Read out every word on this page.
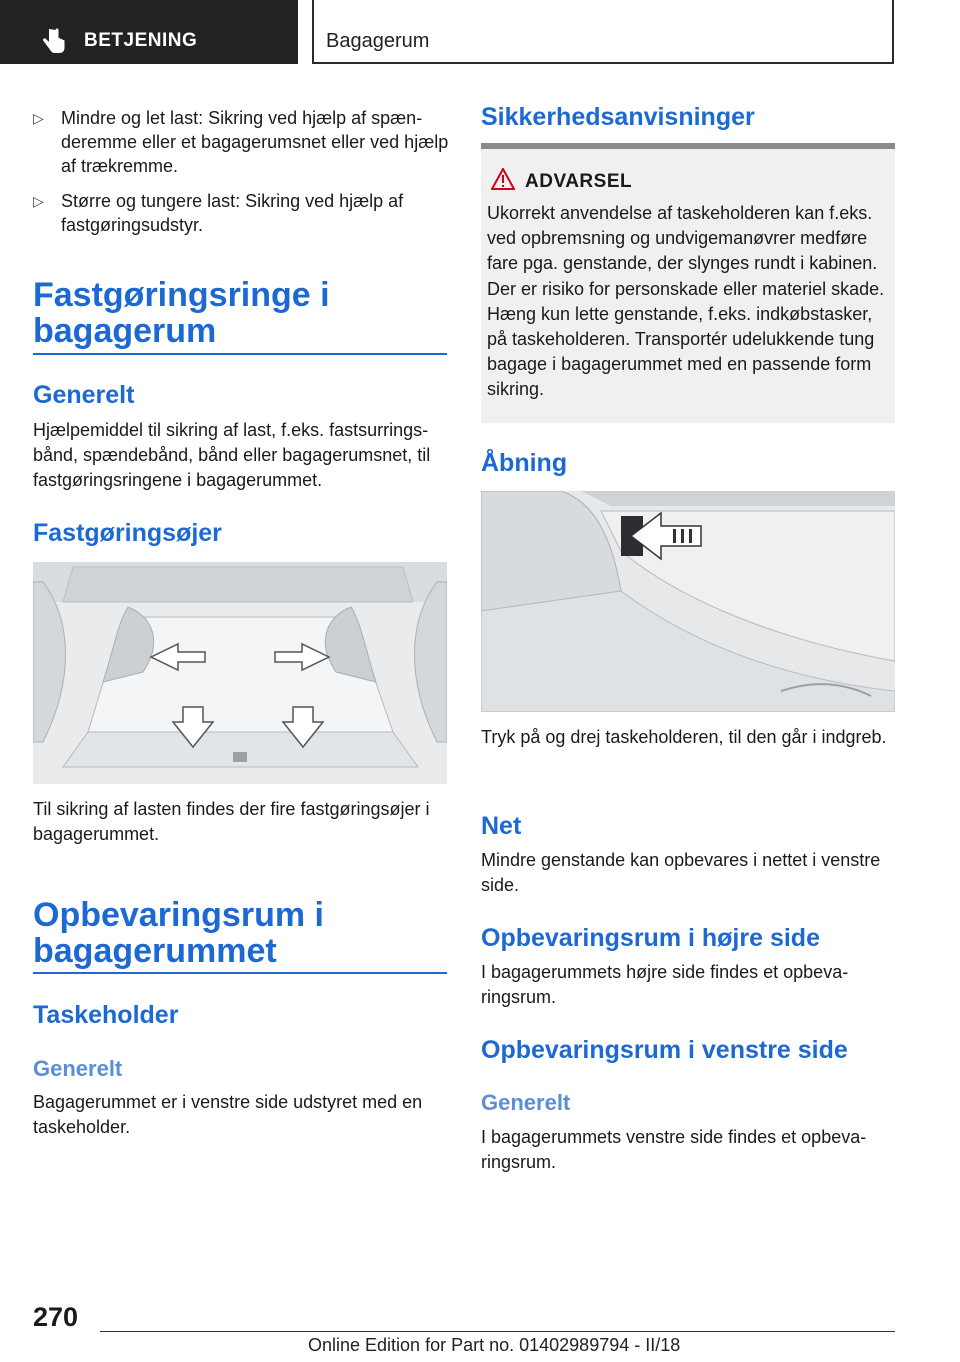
BETJENING	Bagagerum
▷ Mindre og let last: Sikring ved hjælp af spænderemme eller et bagagerumsnet eller ved hjælp af trækremme.
▷ Større og tungere last: Sikring ved hjælp af fastgøringsudstyr.
Fastgøringsringe i bagagerum
Generelt
Hjælpemiddel til sikring af last, f.eks. fastsurringsbånd, spændebånd, bånd eller bagagerumsnet, til fastgøringsringene i bagagerummet.
Fastgøringsøjer
Til sikring af lasten findes der fire fastgøringsøjer i bagagerummet.
Opbevaringsrum i bagagerummet
Taskeholder
Generelt
Bagagerummet er i venstre side udstyret med en taskeholder.
Sikkerhedsanvisninger
ADVARSEL
Ukorrekt anvendelse af taskeholderen kan f.eks. ved opbremsning og undvigemanøvrer medføre fare pga. genstande, der slynges rundt i kabinen. Der er risiko for personskade eller materiel skade. Hæng kun lette genstande, f.eks. indkøbstasker, på taskeholderen. Transportér udelukkende tung bagage i bagagerummet med en passende form sikring.
Åbning
Tryk på og drej taskeholderen, til den går i indgreb.
Net
Mindre genstande kan opbevares i nettet i venstre side.
Opbevaringsrum i højre side
I bagagerummets højre side findes et opbevaringsrum.
Opbevaringsrum i venstre side
Generelt
I bagagerummets venstre side findes et opbevaringsrum.
270
Online Edition for Part no. 01402989794 - II/18
